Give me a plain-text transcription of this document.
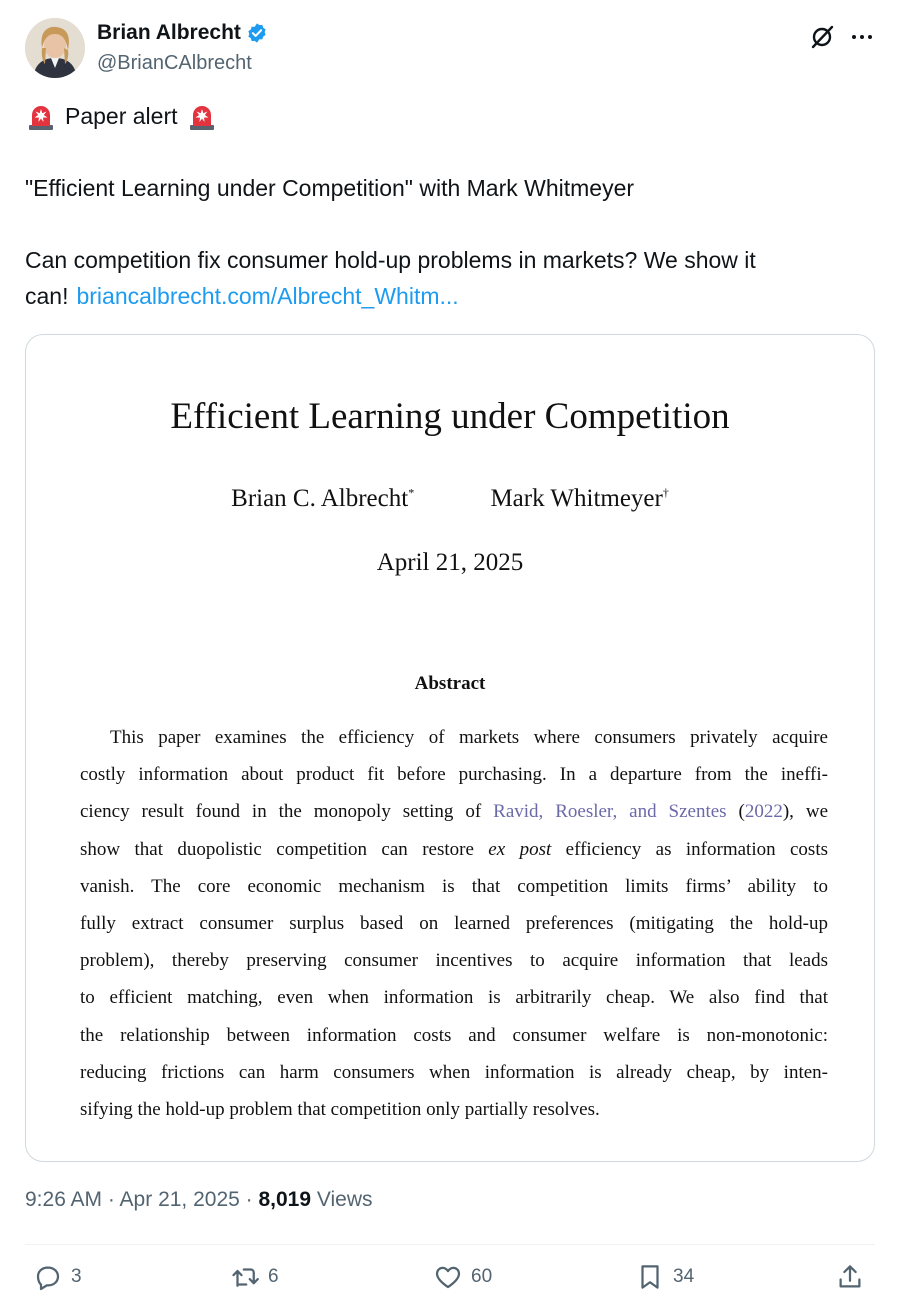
Brian Albrecht
@BrianCAlbrecht

Paper alert

"Efficient Learning under Competition" with Mark Whitmeyer

Can competition fix consumer hold-up problems in markets? We show it

can! briancalbrecht.com/Albrecht_Whitm...

Efficient Learning under Competition
Brian C. Albrecht*	Mark Whitmeyer†
April 21, 2025
Abstract
This paper examines the efficiency of markets where consumers privately acquire
costly information about product fit before purchasing. In a departure from the ineffi-
ciency result found in the monopoly setting of Ravid, Roesler, and Szentes (2022), we
show that duopolistic competition can restore ex post efficiency as information costs
vanish. The core economic mechanism is that competition limits firms’ ability to
fully extract consumer surplus based on learned preferences (mitigating the hold-up
problem), thereby preserving consumer incentives to acquire information that leads
to efficient matching, even when information is arbitrarily cheap. We also find that
the relationship between information costs and consumer welfare is non-monotonic:
reducing frictions can harm consumers when information is already cheap, by inten-
sifying the hold-up problem that competition only partially resolves.
9:26 AM · Apr 21, 2025 · 8,019 Views
3	6	60	34
